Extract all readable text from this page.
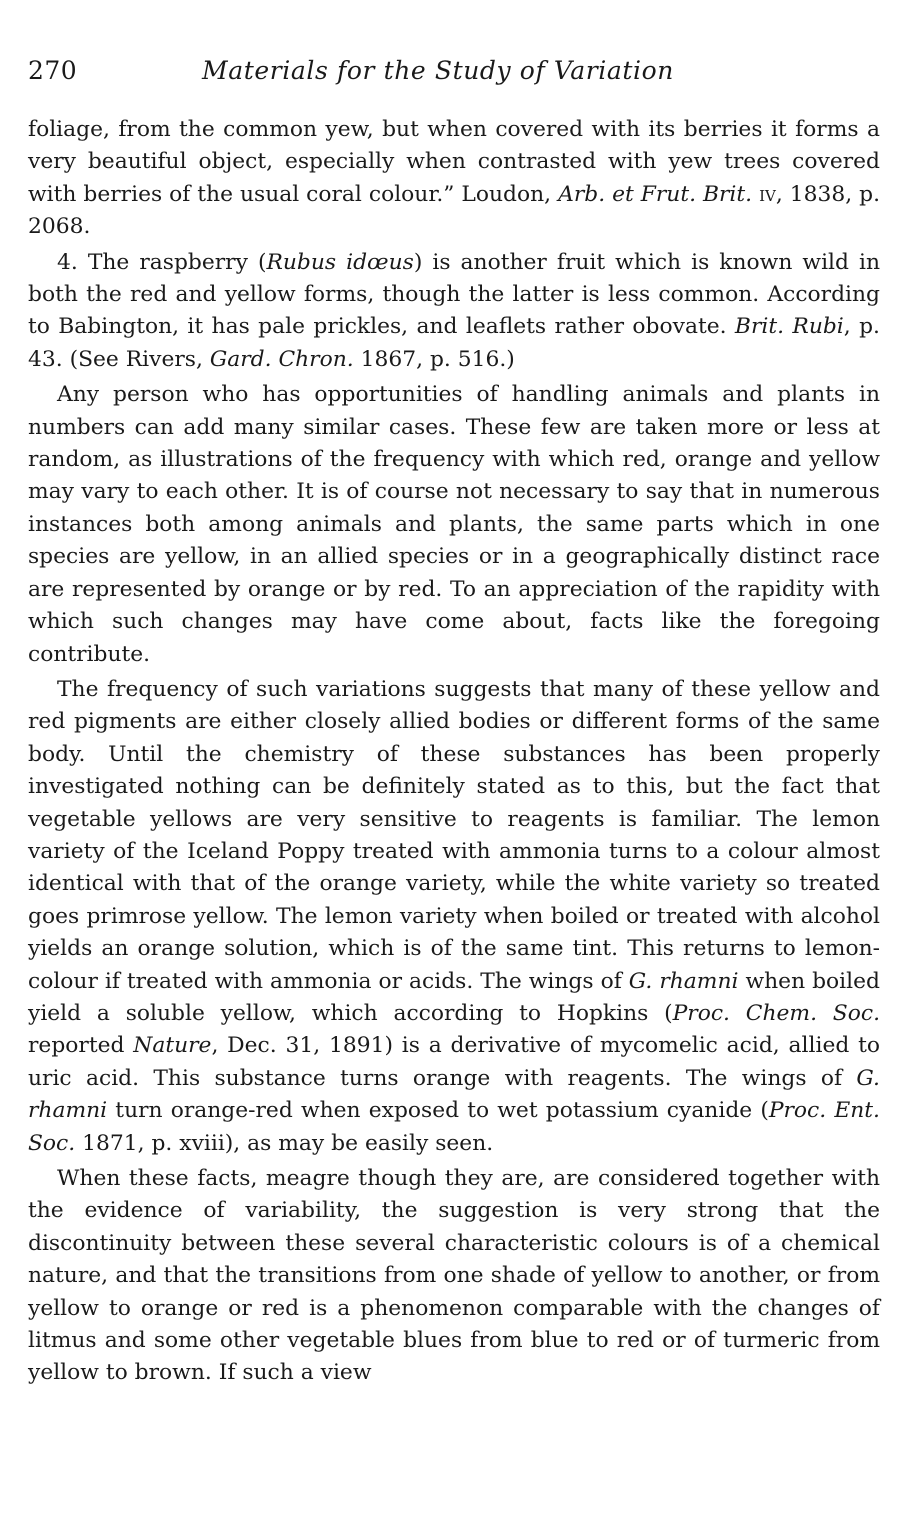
270	Materials for the Study of Variation

foliage, from the common yew, but when covered with its berries it forms a very beautiful object, especially when contrasted with yew trees covered with berries of the usual coral colour.” Loudon, Arb. et Frut. Brit. iv, 1838, p. 2068.

4. The raspberry (Rubus idœus) is another fruit which is known wild in both the red and yellow forms, though the latter is less common. According to Babington, it has pale prickles, and leaflets rather obovate. Brit. Rubi, p. 43. (See Rivers, Gard. Chron. 1867, p. 516.)

Any person who has opportunities of handling animals and plants in numbers can add many similar cases. These few are taken more or less at random, as illustrations of the frequency with which red, orange and yellow may vary to each other. It is of course not necessary to say that in numerous instances both among animals and plants, the same parts which in one species are yellow, in an allied species or in a geographically distinct race are represented by orange or by red. To an appreciation of the rapidity with which such changes may have come about, facts like the foregoing contribute.

The frequency of such variations suggests that many of these yellow and red pigments are either closely allied bodies or different forms of the same body. Until the chemistry of these substances has been properly investigated nothing can be definitely stated as to this, but the fact that vegetable yellows are very sensitive to reagents is familiar. The lemon variety of the Iceland Poppy treated with ammonia turns to a colour almost identical with that of the orange variety, while the white variety so treated goes primrose yellow. The lemon variety when boiled or treated with alcohol yields an orange solution, which is of the same tint. This returns to lemon-colour if treated with ammonia or acids. The wings of G. rhamni when boiled yield a soluble yellow, which according to Hopkins (Proc. Chem. Soc. reported Nature, Dec. 31, 1891) is a derivative of mycomelic acid, allied to uric acid. This substance turns orange with reagents. The wings of G. rhamni turn orange-red when exposed to wet potassium cyanide (Proc. Ent. Soc. 1871, p. xviii), as may be easily seen.

When these facts, meagre though they are, are considered together with the evidence of variability, the suggestion is very strong that the discontinuity between these several characteristic colours is of a chemical nature, and that the transitions from one shade of yellow to another, or from yellow to orange or red is a phenomenon comparable with the changes of litmus and some other vegetable blues from blue to red or of turmeric from yellow to brown. If such a view
